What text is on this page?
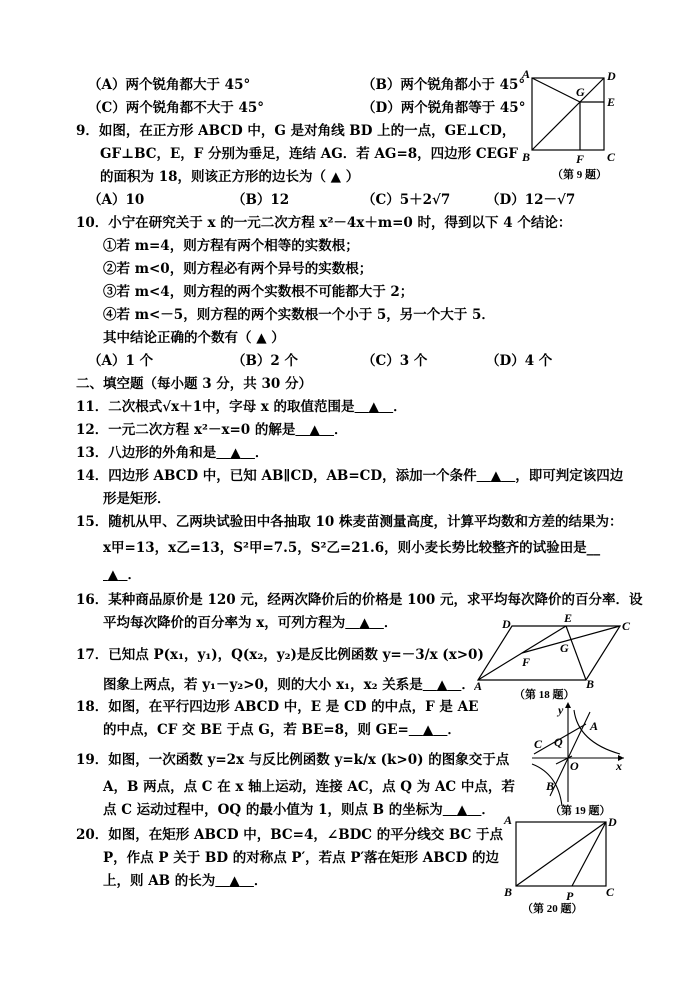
（A）两个锐角都大于 45°	（B）两个锐角都小于 45°
（C）两个锐角都不大于 45°	（D）两个锐角都等于 45°
9．如图，在正方形 ABCD 中，G 是对角线 BD 上的一点，GE⊥CD，
GF⊥BC，E，F 分别为垂足，连结 AG．若 AG=8，四边形 CEGF
的面积为 18，则该正方形的边长为（ ▲ ）
（A）10	（B）12	（C）5＋2√7	（D）12－√7
A	D
G
E
B	F C
（第 9 题）
10．小宁在研究关于 x 的一元二次方程 x²－4x＋m=0 时，得到以下 4 个结论：
①若 m=4，则方程有两个相等的实数根；
②若 m<0，则方程必有两个异号的实数根；
③若 m<4，则方程的两个实数根不可能都大于 2；
④若 m<－5，则方程的两个实数根一个小于 5，另一个大于 5．
其中结论正确的个数有（ ▲ ）
（A）1 个	（B）2 个	（C）3 个	（D）4 个
二、填空题（每小题 3 分，共 30 分）
11．二次根式√x＋1中，字母 x 的取值范围是 ▲ ．
12．一元二次方程 x²－x=0 的解是 ▲ ．
13．八边形的外角和是 ▲ ．
14．四边形 ABCD 中，已知 AB∥CD，AB=CD，添加一个条件 ▲ ，即可判定该四边
形是矩形．
15．随机从甲、乙两块试验田中各抽取 10 株麦苗测量高度，计算平均数和方差的结果为：
x甲=13，x乙=13，S²甲=7.5，S²乙=21.6，则小麦长势比较整齐的试验田是__
▲ ．
16．某种商品原价是 120 元，经两次降价后的价格是 100 元，求平均每次降价的百分率．设
平均每次降价的百分率为 x，可列方程为 ▲ ．
17．已知点 P(x₁，y₁)，Q(x₂，y₂)是反比例函数 y=－3/x (x>0)
图象上两点，若 y₁－y₂>0，则的大小 x₁，x₂ 关系是 ▲ ．
D	E
C
F
G
A	B
（第 18 题）
18．如图，在平行四边形 ABCD 中，E 是 CD 的中点，F 是 AE
的中点，CF 交 BE 于点 G，若 BE=8，则 GE= ▲ ．
y
A
C Q
O	x
B
（第 19 题）
19．如图，一次函数 y=2x 与反比例函数 y=k/x (k>0) 的图象交于点
A，B 两点，点 C 在 x 轴上运动，连接 AC，点 Q 为 AC 中点，若
点 C 运动过程中，OQ 的最小值为 1，则点 B 的坐标为 ▲ ．
20．如图，在矩形 ABCD 中，BC=4，∠BDC 的平分线交 BC 于点
P，作点 P 关于 BD 的对称点 P′，若点 P′落在矩形 ABCD 的边
上，则 AB 的长为 ▲ ．
A	D
B	P	C
（第 20 题）
